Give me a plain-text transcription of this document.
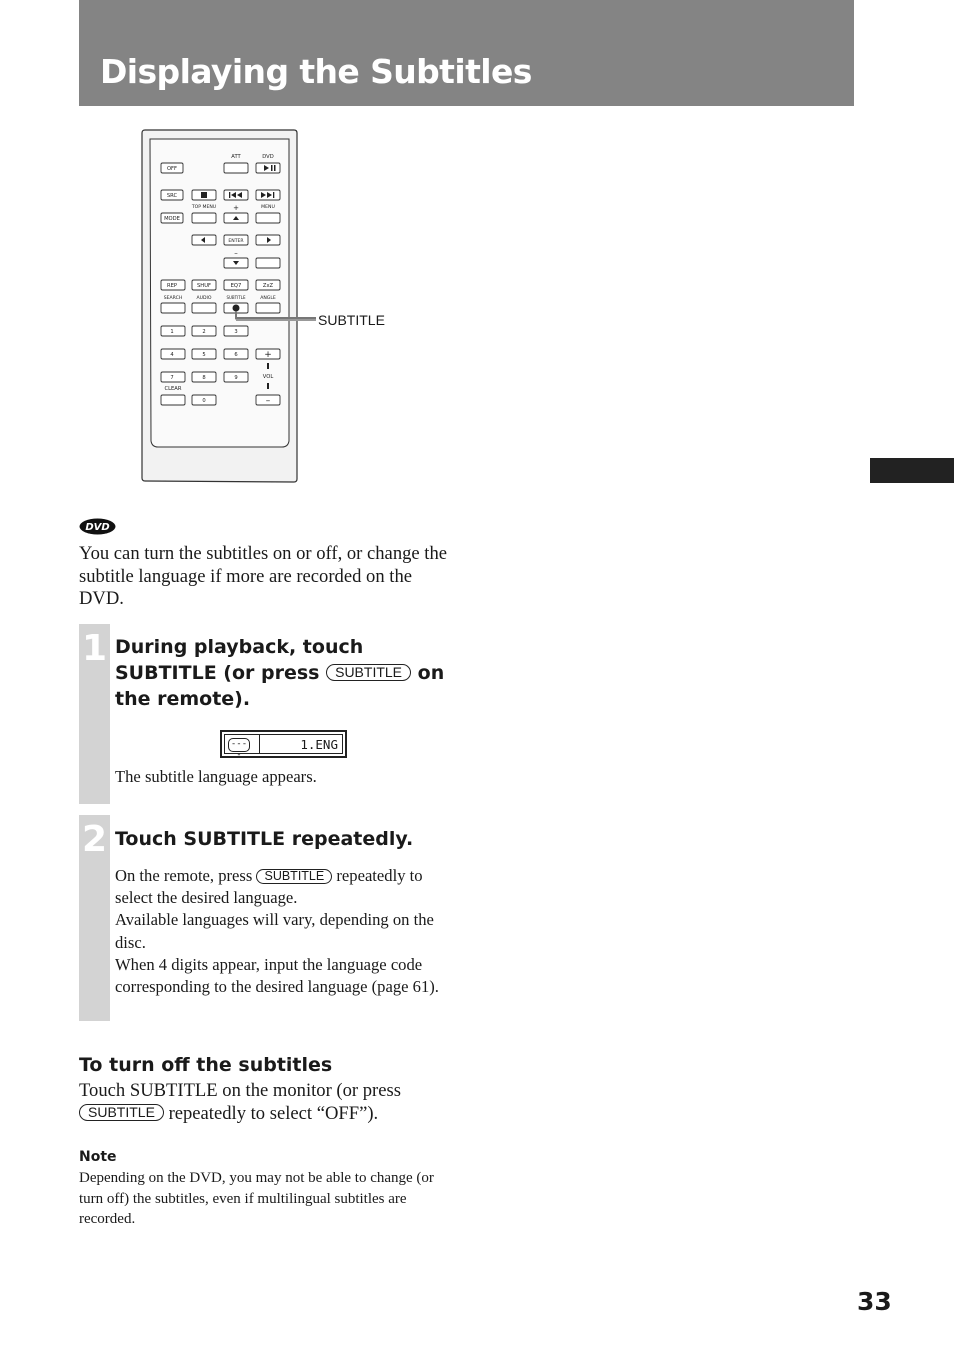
Displaying the Subtitles
OFF
ATT	DVD
SRC
TOP MENU +	MENU
MODE
ENTER
–
REP	SHUF	EQ7	ZxZ
SEARCH	AUDIO	SUBTITLE	ANGLE
1	2	3
4	5	6	+
7	8	9	VOL
CLEAR
0	–
SUBTITLE
DVD

You can turn the subtitles on or off, or change the subtitle language if more are recorded on the DVD.

1 During playback, touch SUBTITLE (or press SUBTITLE on the remote).
----
1.ENG

The subtitle language appears.

2 Touch SUBTITLE repeatedly.
On the remote, press SUBTITLE repeatedly to select the desired language.
Available languages will vary, depending on the disc.
When 4 digits appear, input the language code corresponding to the desired language (page 61).
To turn off the subtitles

Touch SUBTITLE on the monitor (or press SUBTITLE repeatedly to select “OFF”).

Note

Depending on the DVD, you may not be able to change (or turn off) the subtitles, even if multilingual subtitles are recorded.

33
